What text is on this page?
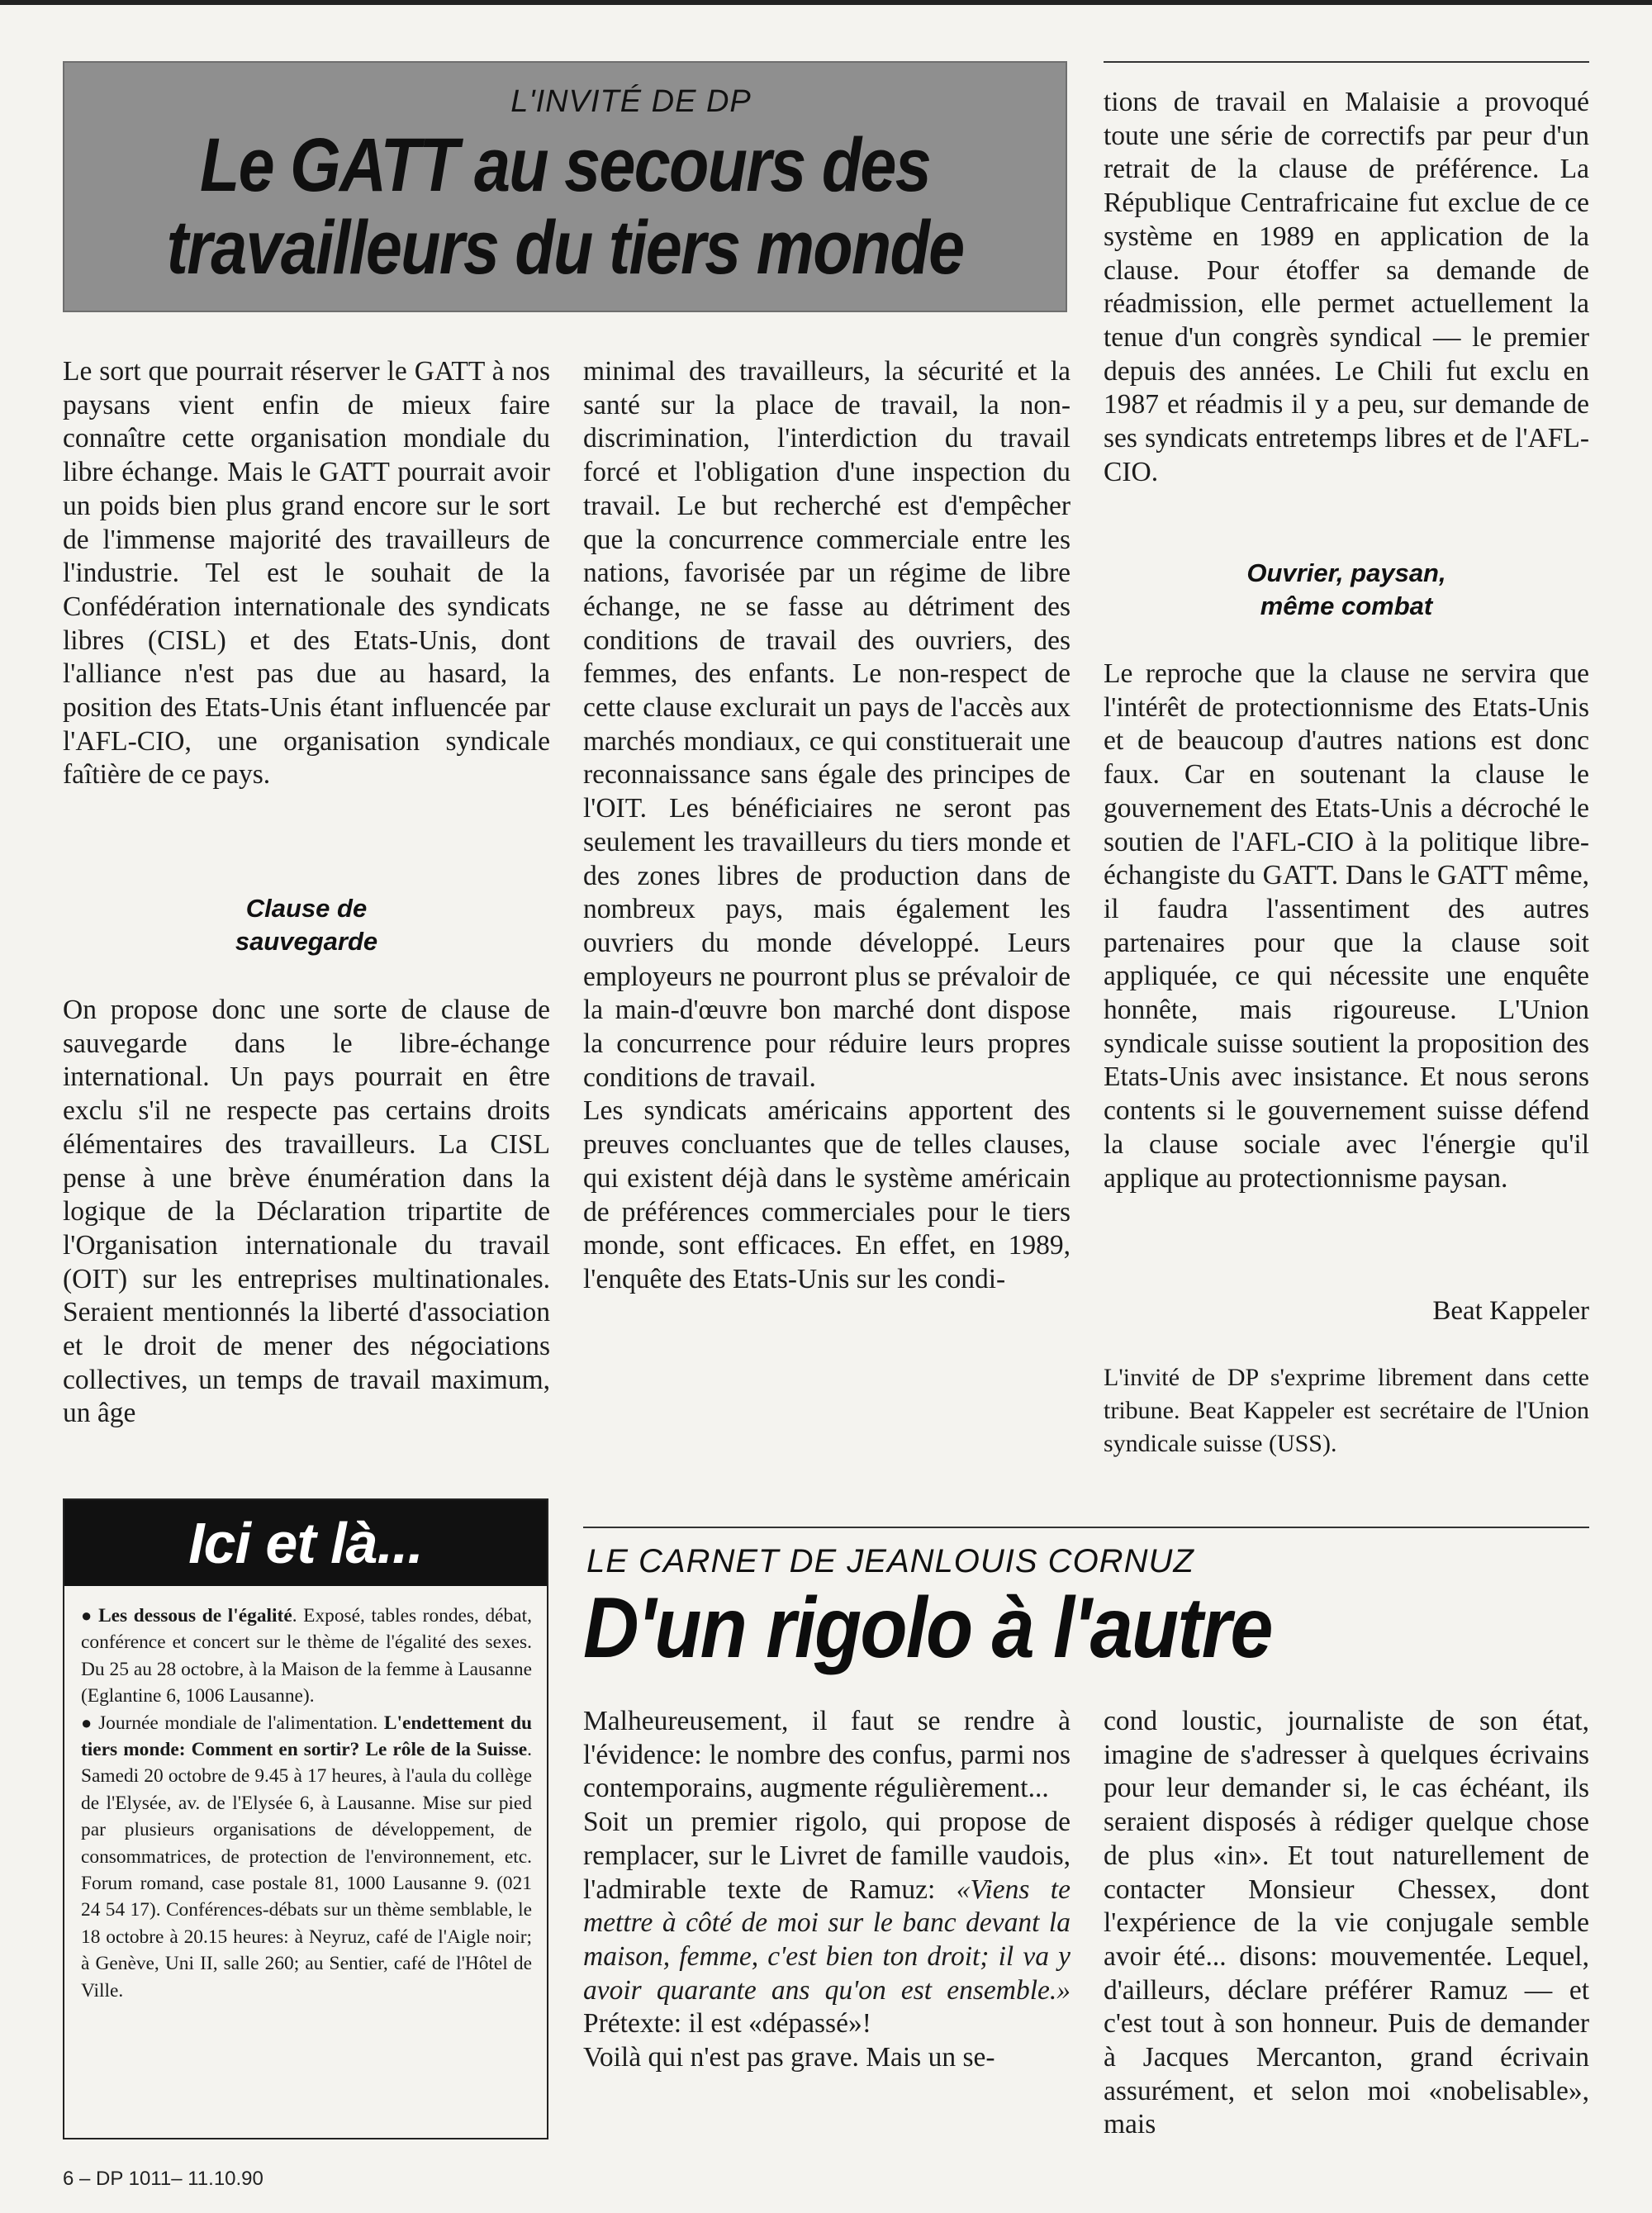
L'INVITÉ DE DP
Le GATT au secours des
travailleurs du tiers monde

Le sort que pourrait réserver le GATT à nos paysans vient enfin de mieux faire connaître cette organisation mondiale du libre échange. Mais le GATT pourrait avoir un poids bien plus grand encore sur le sort de l'immense majorité des travailleurs de l'industrie. Tel est le souhait de la Confédération internationale des syndicats libres (CISL) et des Etats-Unis, dont l'alliance n'est pas due au hasard, la position des Etats-Unis étant influencée par l'AFL-CIO, une organisation syndicale faîtière de ce pays.

Clause de
sauvegarde

On propose donc une sorte de clause de sauvegarde dans le libre-échange international. Un pays pourrait en être exclu s'il ne respecte pas certains droits élémentaires des travailleurs. La CISL pense à une brève énumération dans la logique de la Déclaration tripartite de l'Organisation internationale du travail (OIT) sur les entreprises multinationales. Seraient mentionnés la liberté d'association et le droit de mener des négociations collectives, un temps de travail maximum, un âge

minimal des travailleurs, la sécurité et la santé sur la place de travail, la non-discrimination, l'interdiction du travail forcé et l'obligation d'une inspection du travail. Le but recherché est d'empêcher que la concurrence commerciale entre les nations, favorisée par un régime de libre échange, ne se fasse au détriment des conditions de travail des ouvriers, des femmes, des enfants. Le non-respect de cette clause exclurait un pays de l'accès aux marchés mondiaux, ce qui constituerait une reconnaissance sans égale des principes de l'OIT. Les bénéficiaires ne seront pas seulement les travailleurs du tiers monde et des zones libres de production dans de nombreux pays, mais également les ouvriers du monde développé. Leurs employeurs ne pourront plus se prévaloir de la main-d'œuvre bon marché dont dispose la concurrence pour réduire leurs propres conditions de travail.

Les syndicats américains apportent des preuves concluantes que de telles clauses, qui existent déjà dans le système américain de préférences commerciales pour le tiers monde, sont efficaces. En effet, en 1989, l'enquête des Etats-Unis sur les condi-

tions de travail en Malaisie a provoqué toute une série de correctifs par peur d'un retrait de la clause de préférence. La République Centrafricaine fut exclue de ce système en 1989 en application de la clause. Pour étoffer sa demande de réadmission, elle permet actuellement la tenue d'un congrès syndical — le premier depuis des années. Le Chili fut exclu en 1987 et réadmis il y a peu, sur demande de ses syndicats entretemps libres et de l'AFL-CIO.

Ouvrier, paysan,
même combat

Le reproche que la clause ne servira que l'intérêt de protectionnisme des Etats-Unis et de beaucoup d'autres nations est donc faux. Car en soutenant la clause le gouvernement des Etats-Unis a décroché le soutien de l'AFL-CIO à la politique libre-échangiste du GATT. Dans le GATT même, il faudra l'assentiment des autres partenaires pour que la clause soit appliquée, ce qui nécessite une enquête honnête, mais rigoureuse. L'Union syndicale suisse soutient la proposition des Etats-Unis avec insistance. Et nous serons contents si le gouvernement suisse défend la clause sociale avec l'énergie qu'il applique au protectionnisme paysan.

Beat Kappeler
L'invité de DP s'exprime librement dans cette tribune. Beat Kappeler est secrétaire de l'Union syndicale suisse (USS).
Ici et là...

● Les dessous de l'égalité. Exposé, tables rondes, débat, conférence et concert sur le thème de l'égalité des sexes. Du 25 au 28 octobre, à la Maison de la femme à Lausanne (Eglantine 6, 1006 Lausanne).

● Journée mondiale de l'alimentation. L'endettement du tiers monde: Comment en sortir? Le rôle de la Suisse. Samedi 20 octobre de 9.45 à 17 heures, à l'aula du collège de l'Elysée, av. de l'Elysée 6, à Lausanne. Mise sur pied par plusieurs organisations de développement, de consommatrices, de protection de l'environnement, etc. Forum romand, case postale 81, 1000 Lausanne 9. (021 24 54 17). Conférences-débats sur un thème semblable, le 18 octobre à 20.15 heures: à Neyruz, café de l'Aigle noir; à Genève, Uni II, salle 260; au Sentier, café de l'Hôtel de Ville.

LE CARNET DE JEANLOUIS CORNUZ
D'un rigolo à l'autre

Malheureusement, il faut se rendre à l'évidence: le nombre des confus, parmi nos contemporains, augmente régulièrement...

Soit un premier rigolo, qui propose de remplacer, sur le Livret de famille vaudois, l'admirable texte de Ramuz: «Viens te mettre à côté de moi sur le banc devant la maison, femme, c'est bien ton droit; il va y avoir quarante ans qu'on est ensemble.» Prétexte: il est «dépassé»!

Voilà qui n'est pas grave. Mais un se-

cond loustic, journaliste de son état, imagine de s'adresser à quelques écrivains pour leur demander si, le cas échéant, ils seraient disposés à rédiger quelque chose de plus «in». Et tout naturellement de contacter Monsieur Chessex, dont l'expérience de la vie conjugale semble avoir été... disons: mouvementée. Lequel, d'ailleurs, déclare préférer Ramuz — et c'est tout à son honneur. Puis de demander à Jacques Mercanton, grand écrivain assurément, et selon moi «nobelisable», mais

6 – DP 1011– 11.10.90
